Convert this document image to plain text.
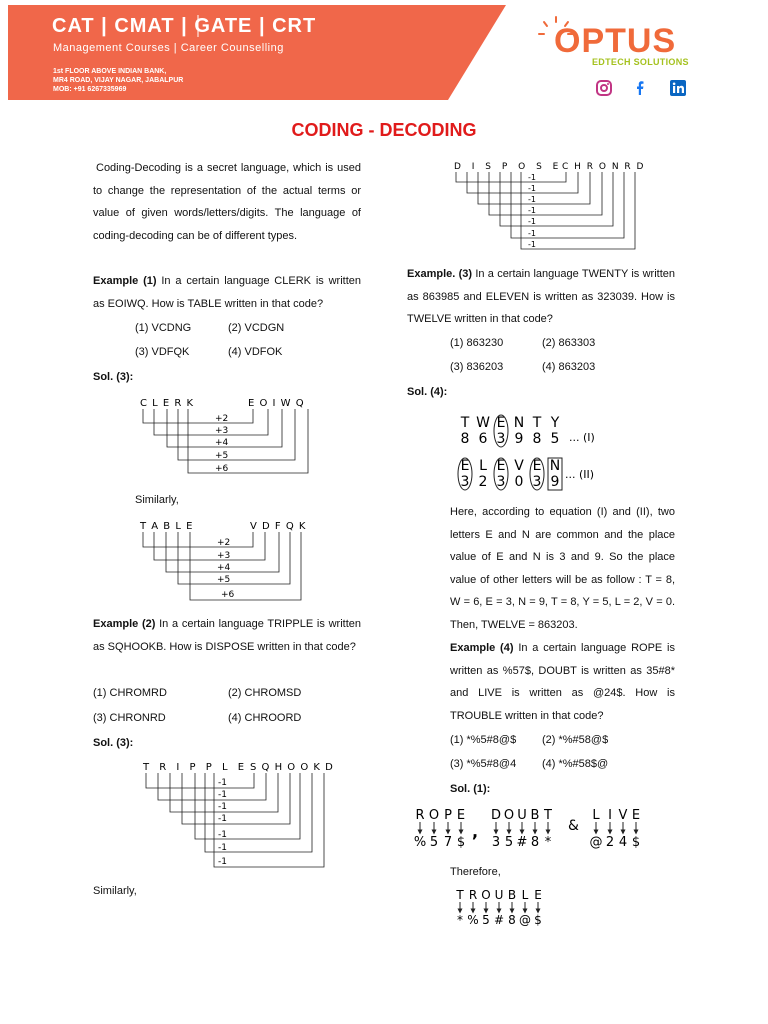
CAT | CMAT | GATE | CRT
Management Courses | Career Counselling
1st FLOOR ABOVE INDIAN BANK,
MR4 ROAD, VIJAY NAGAR, JABALPUR
MOB: +91 6267335969
OPTUS
EDTECH SOLUTIONS
CODING - DECODING
Coding-Decoding is a secret language, which is used to change the representation of the actual terms or value of given words/letters/digits. The language of coding-decoding can be of different types.
Example (1) In a certain language CLERK is written as EOIWQ. How is TABLE written in that code?
(1) VCDNG	(2) VCDGN
(3) VDFQK	(4) VDFOK
Sol. (3):
C L E R K	E O I W Q
+2
+3
+4
+5
+6
Similarly,
T A B L E	V D F Q K
+2
+3
+4
+5
+6
Example (2) In a certain language TRIPPLE is written as SQHOOKB. How is DISPOSE written in that code?
(1) CHROMRD	(2) CHROMSD
(3) CHRONRD	(4) CHROORD
Sol. (3):
T R I P P L E S Q H O O K D
-1
-1
-1
-1
-1
-1
-1
Similarly,
D I S P O S E C H R O N R D
-1
-1
-1
-1
-1
-1
-1
Example. (3) In a certain language TWENTY is written as 863985 and ELEVEN is written as 323039. How is TWELVE written in that code?
(1) 863230	(2) 863303
(3) 836203	(4) 863203
Sol. (4):
T W E N T Y
8 6 3 9 8 5 ... (I)
E L E V E N
3 2 3 0 3 9 ... (II)
Here, according to equation (I) and (II), two letters E and N are common and the place value of E and N is 3 and 9. So the place value of other letters will be as follow : T = 8, W = 6, E = 3, N = 9, T = 8, Y = 5, L = 2, V = 0. Then, TWELVE = 863203.
Example (4) In a certain language ROPE is written as %57$, DOUBT is written as 35#8* and LIVE is written as @24$. How is TROUBLE written in that code?
(1) *%5#8@$ (2) *%#58@$
(3) *%5#8@4 (4) *%#58$@
Sol. (1):
R O P E
% 5 7 $
D O U B T
3 5 # 8 *
L I V E
@ 2 4 $
,	&
Therefore,
T R O U B L E
* % 5 # 8 @ $
